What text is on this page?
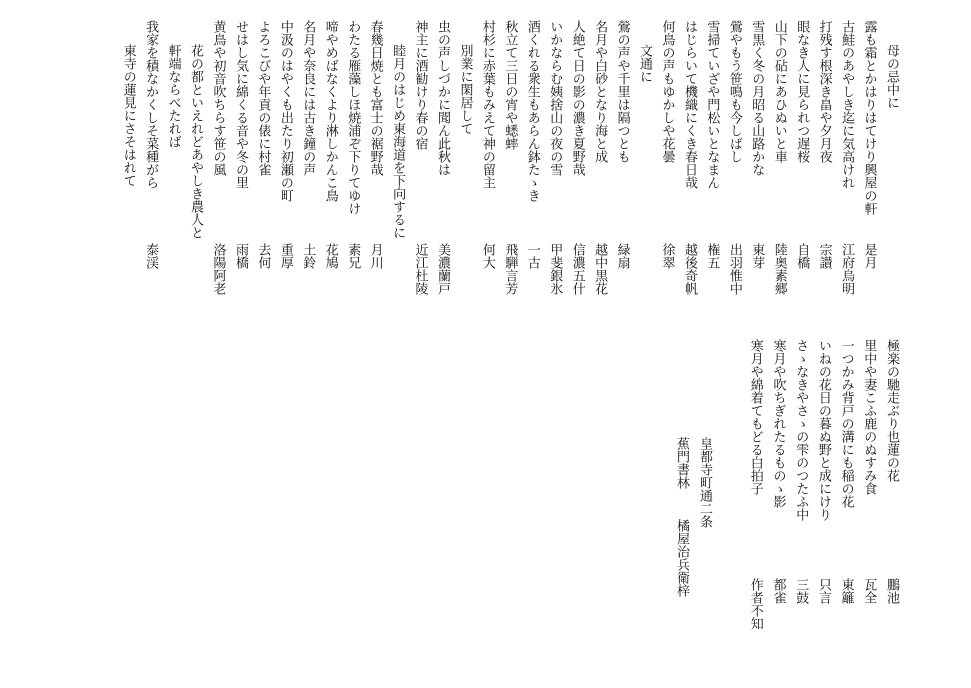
母の忌中に
露も霜とかはりはてけり興屋の軒
是月
古鮭のあやしき迄に気高けれ
江府烏明
打残す根深き畠や夕月夜
宗讃
眼なき人に見られつ遅桜
自橋
山下の砧にあひぬいと車
陸奥素郷
雪黒く冬の月昭る山路かな
東芽
鶯やもう笹鳴も今しばし
出羽惟中
雪掃ていざや門松いとなまん
権五
はじらいて機織にくき春日哉
越後奇帆
何鳥の声もゆかしや花曇
徐翠
文通に
鶯の声や千里は隔つとも
緑扇
名月や白砂となり海と成
越中黒花
人絶て日の影の濃き夏野哉
信濃五什
いかならむ姨捨山の夜の雪
甲斐銀氷
酒くれる衆生もあらん鉢たゝき
一古
秋立て三日の宵や蟋蟀
飛騨言芳
村杉に赤葉もみえて神の留主
何大
別業に閑居して
虫の声しづかに聞ん此秋は
美濃蘭戸
神主に酒勧けり春の宿
近江杜陵
睦月のはじめ東海道を下向するに
春幾日焼とも富士の裾野哉
月川
わたる雁藻しほ焼浦ぞ下りてゆけ
素兄
啼やめばなくより淋しかんこ鳥
花鳩
名月や奈良には古き鐘の声
土鈴
中汲のはやくも出たり初瀬の町
重厚
よろこびや年貢の俵に村雀
去何
せはし気に綿くる音や冬の里
雨橋
黄鳥や初音吹ちらす笹の風
洛陽阿老
花の都といえれどあやしき農人と
軒端ならべたれば
我家を積なかくしそ菜種がら
泰渓
東寺の蓮見にさそはれて
極楽の馳走ぶり也蓮の花
鵬池
里中や妻こふ鹿のぬすみ食
瓦全
一つかみ背戸の溝にも稲の花
東籬
いねの花日の暮ぬ野と成にけり
只言
さゝなきやさゝの雫のつたふ中
三鼓
寒月や吹ちぎれたるものゝ影
都雀
寒月や綿着てもどる白拍子
作者不知
皇都寺町通二条
蕉門書林
橘屋治兵衛梓
